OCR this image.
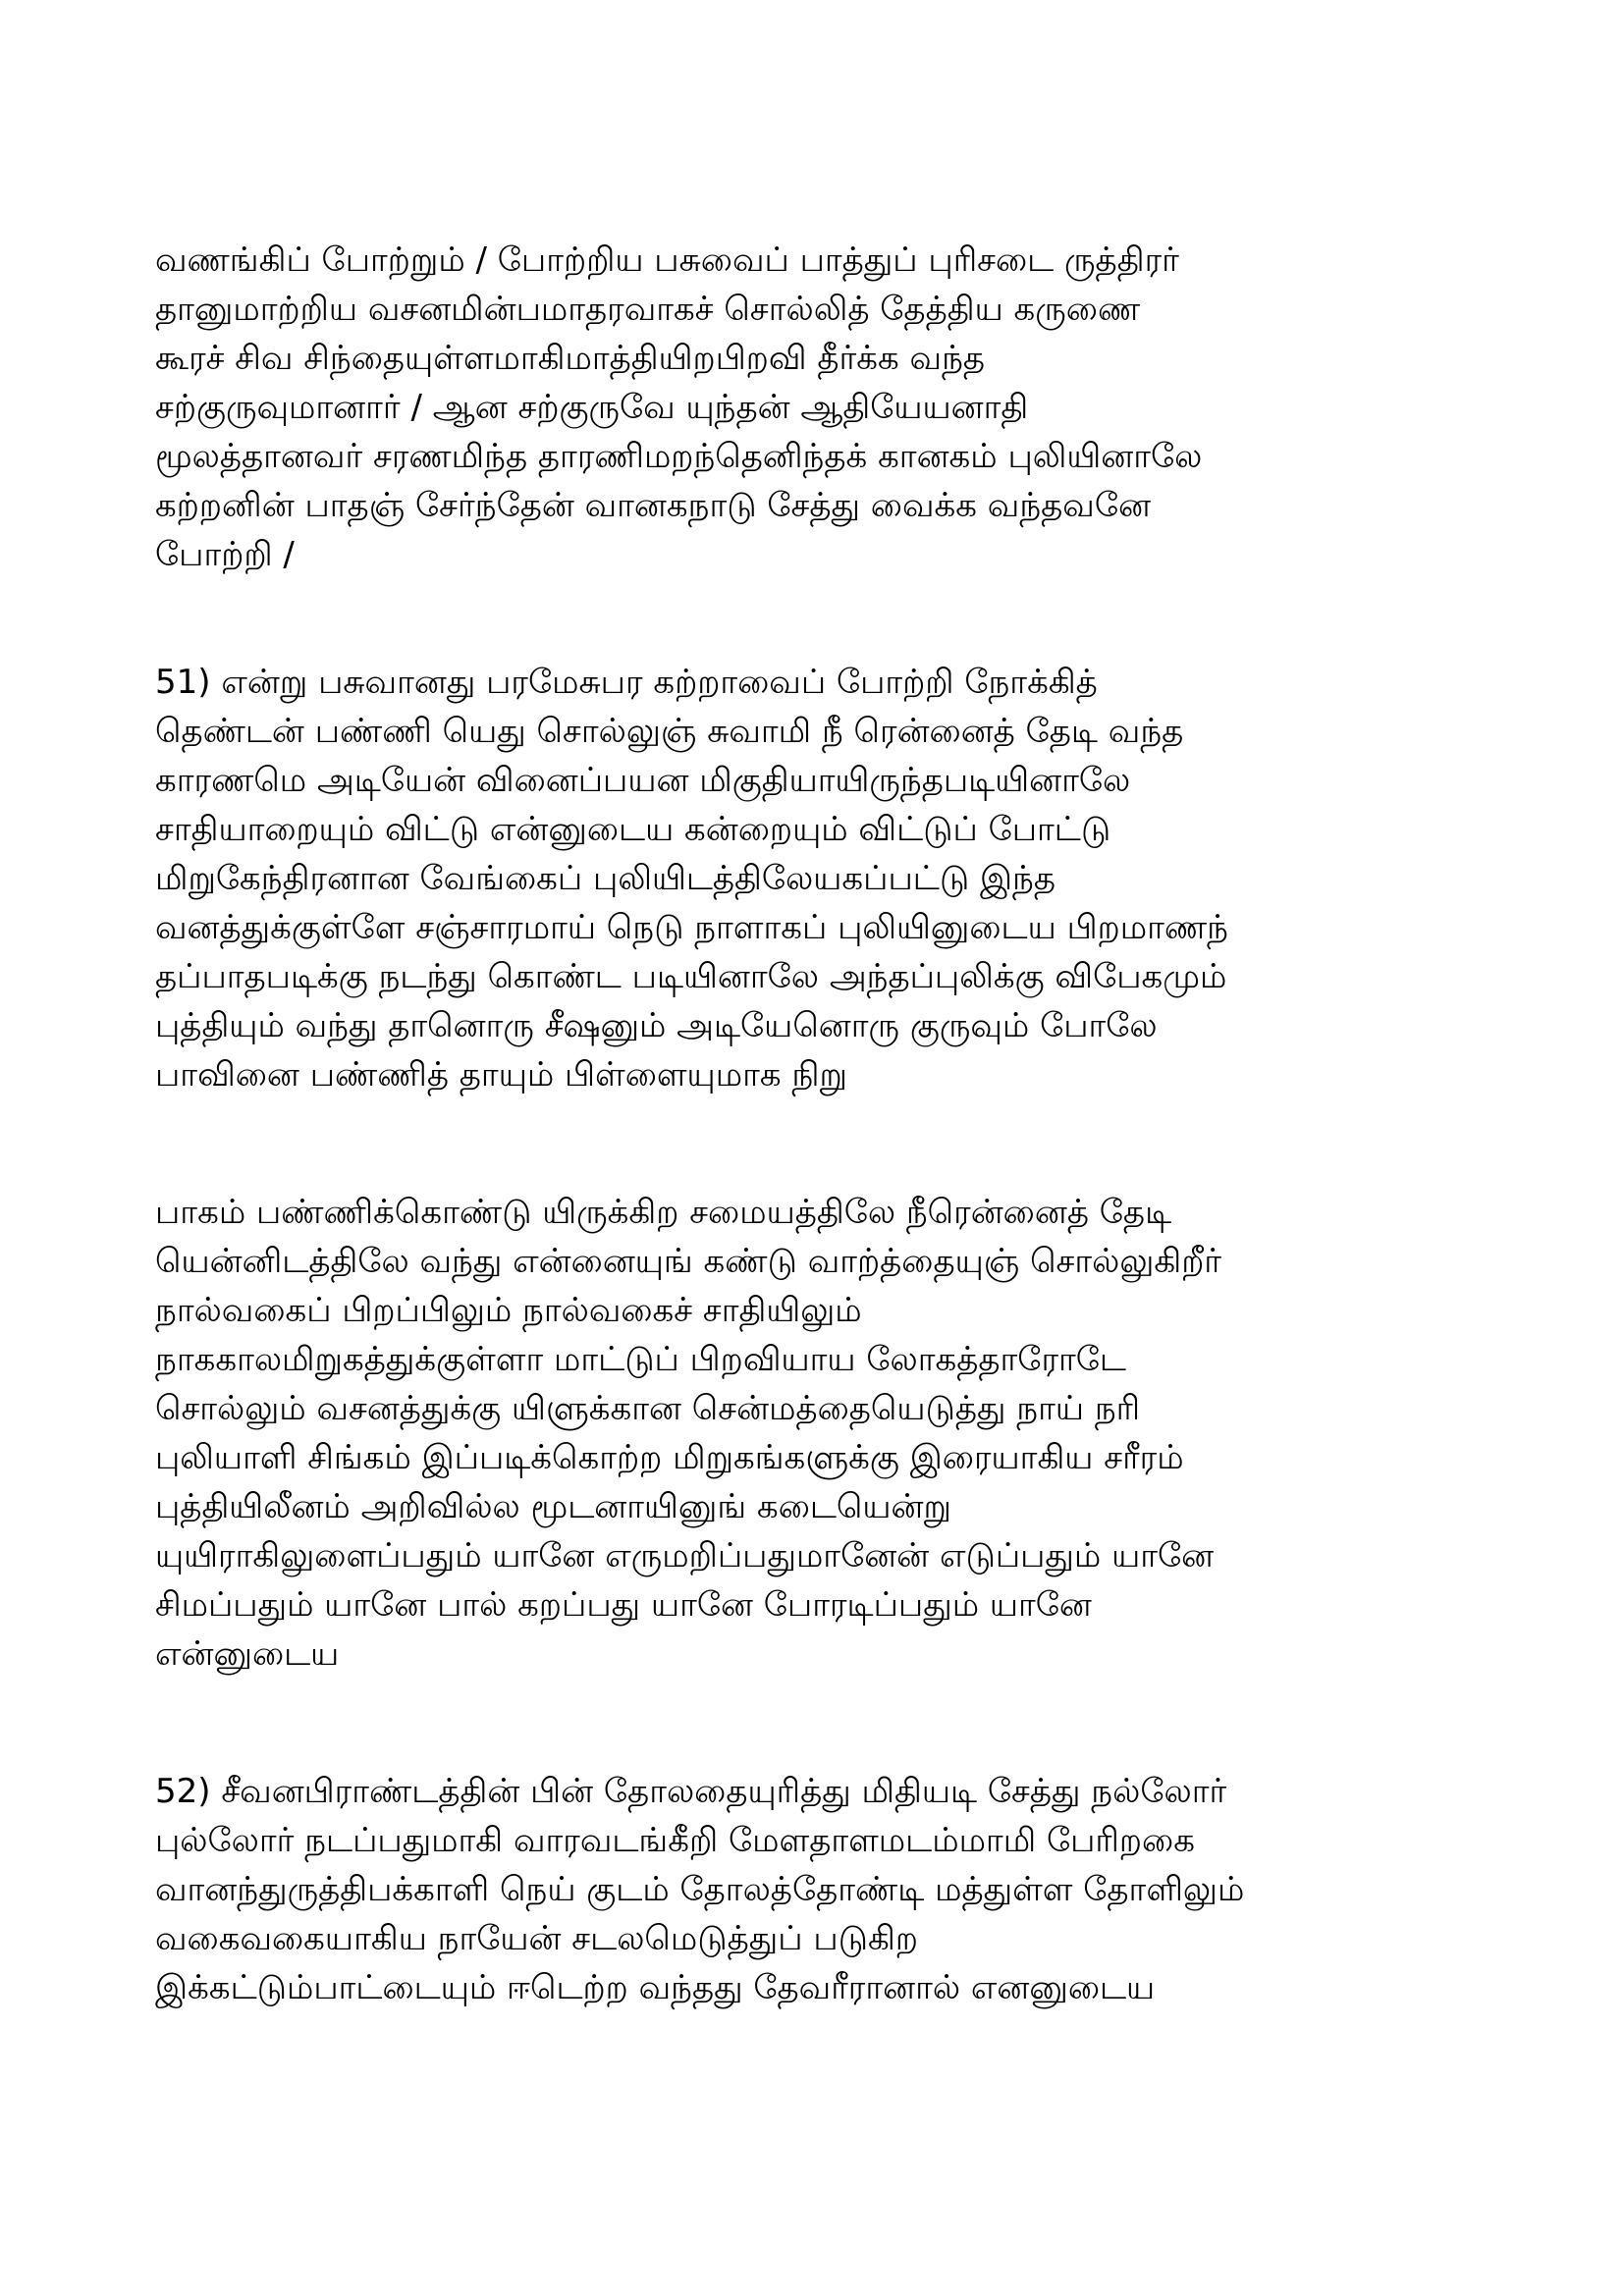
வணங்கிப் போற்றும் / போற்றிய பசுவைப் பாத்துப் புரிசடை ருத்திரர்
தானுமாற்றிய வசனமின்பமாதரவாகச் சொல்லித் தேத்திய கருணை
கூரச் சிவ சிந்தையுள்ளமாகிமாத்தியிறபிறவி தீர்க்க வந்த
சற்குருவுமானார் / ஆன சற்குருவே யுந்தன் ஆதியேயனாதி
மூலத்தானவர் சரணமிந்த தாரணிமறந்தெனிந்தக் கானகம் புலியினாலே
கற்றனின் பாதஞ் சேர்ந்தேன் வானகநாடு சேத்து வைக்க வந்தவனே
போற்றி /
51) என்று பசுவானது பரமேசுபர கற்றாவைப் போற்றி நோக்கித்
தெண்டன் பண்ணி யெது சொல்லுஞ் சுவாமி நீ ரென்னைத் தேடி வந்த
காரணமெ அடியேன் வினைப்பயன மிகுதியாயிருந்தபடியினாலே
சாதியாறையும் விட்டு என்னுடைய கன்றையும் விட்டுப் போட்டு
மிறுகேந்திரனான வேங்கைப் புலியிடத்திலேயகப்பட்டு இந்த
வனத்துக்குள்ளே சஞ்சாரமாய் நெடு நாளாகப் புலியினுடைய பிறமாணந்
தப்பாதபடிக்கு நடந்து கொண்ட படியினாலே அந்தப்புலிக்கு விபேகமும்
புத்தியும் வந்து தானொரு சீஷனும் அடியேனொரு குருவும் போலே
பாவினை பண்ணித் தாயும் பிள்ளையுமாக நிறு
பாகம் பண்ணிக்கொண்டு யிருக்கிற சமையத்திலே நீரென்னைத் தேடி
யென்னிடத்திலே வந்து என்னையுங் கண்டு வாற்த்தையுஞ் சொல்லுகிறீர்
நால்வகைப் பிறப்பிலும் நால்வகைச் சாதியிலும்
நாககாலமிறுகத்துக்குள்ளா மாட்டுப் பிறவியாய லோகத்தாரோடே
சொல்லும் வசனத்துக்கு யிளுக்கான சென்மத்தையெடுத்து நாய் நரி
புலியாளி சிங்கம் இப்படிக்கொற்ற மிறுகங்களுக்கு இரையாகிய சரீரம்
புத்தியிலீனம் அறிவில்ல மூடனாயினுங் கடையென்று
யுயிராகிலுளைப்பதும் யானே எருமறிப்பதுமானேன் எடுப்பதும் யானே
சிமப்பதும் யானே பால் கறப்பது யானே போரடிப்பதும் யானே
என்னுடைய
52) சீவனபிராண்டத்தின் பின் தோலதையுரித்து மிதியடி சேத்து நல்லோர்
புல்லோர் நடப்பதுமாகி வாரவடங்கீறி மேளதாளமடம்மாமி பேரிறகை
வானந்துருத்திபக்காளி நெய் குடம் தோலத்தோண்டி மத்துள்ள தோளிலும்
வகைவகையாகிய நாயேன் சடலமெடுத்துப் படுகிற
இக்கட்டும்பாட்டையும் ஈடெற்ற வந்தது தேவரீரானால் எனனுடைய
